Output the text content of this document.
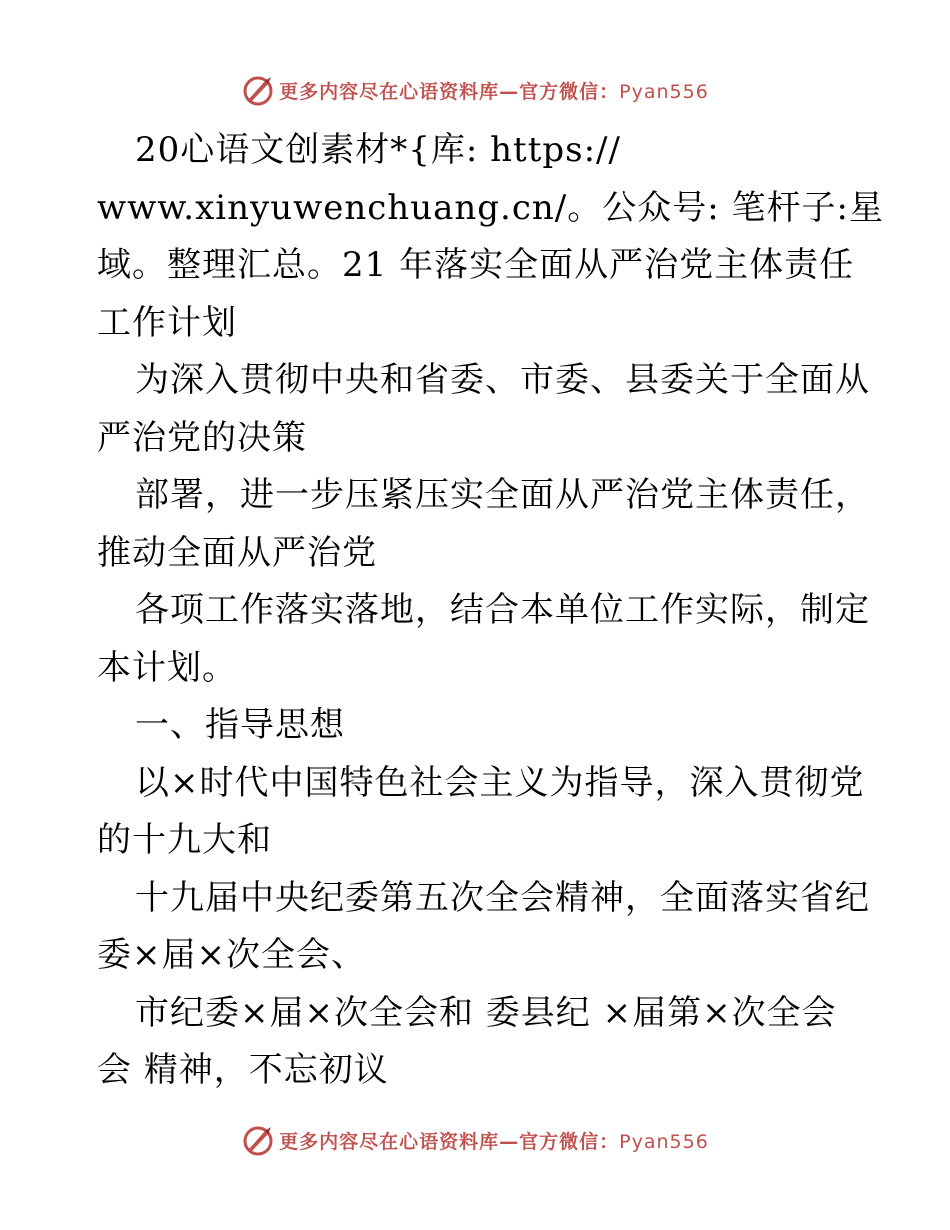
更多内容尽在心语资料库—官方微信：Pyan556
20心语文创素材*{库: https://
www.xinyuwenchuang.cn/。公众号: 笔杆子:星
域。整理汇总。21 年落实全面从严治党主体责任
工作计划
为深入贯彻中央和省委、市委、县委关于全面从
严治党的决策
部署，进一步压紧压实全面从严治党主体责任，
推动全面从严治党
各项工作落实落地，结合本单位工作实际，制定
本计划。
一、指导思想
以×时代中国特色社会主义为指导，深入贯彻党
的十九大和
十九届中央纪委第五次全会精神，全面落实省纪
委×届×次全会、
市纪委×届×次全会和 委县纪 ×届第×次全会
会 精神，不忘初议
更多内容尽在心语资料库—官方微信：Pyan556
